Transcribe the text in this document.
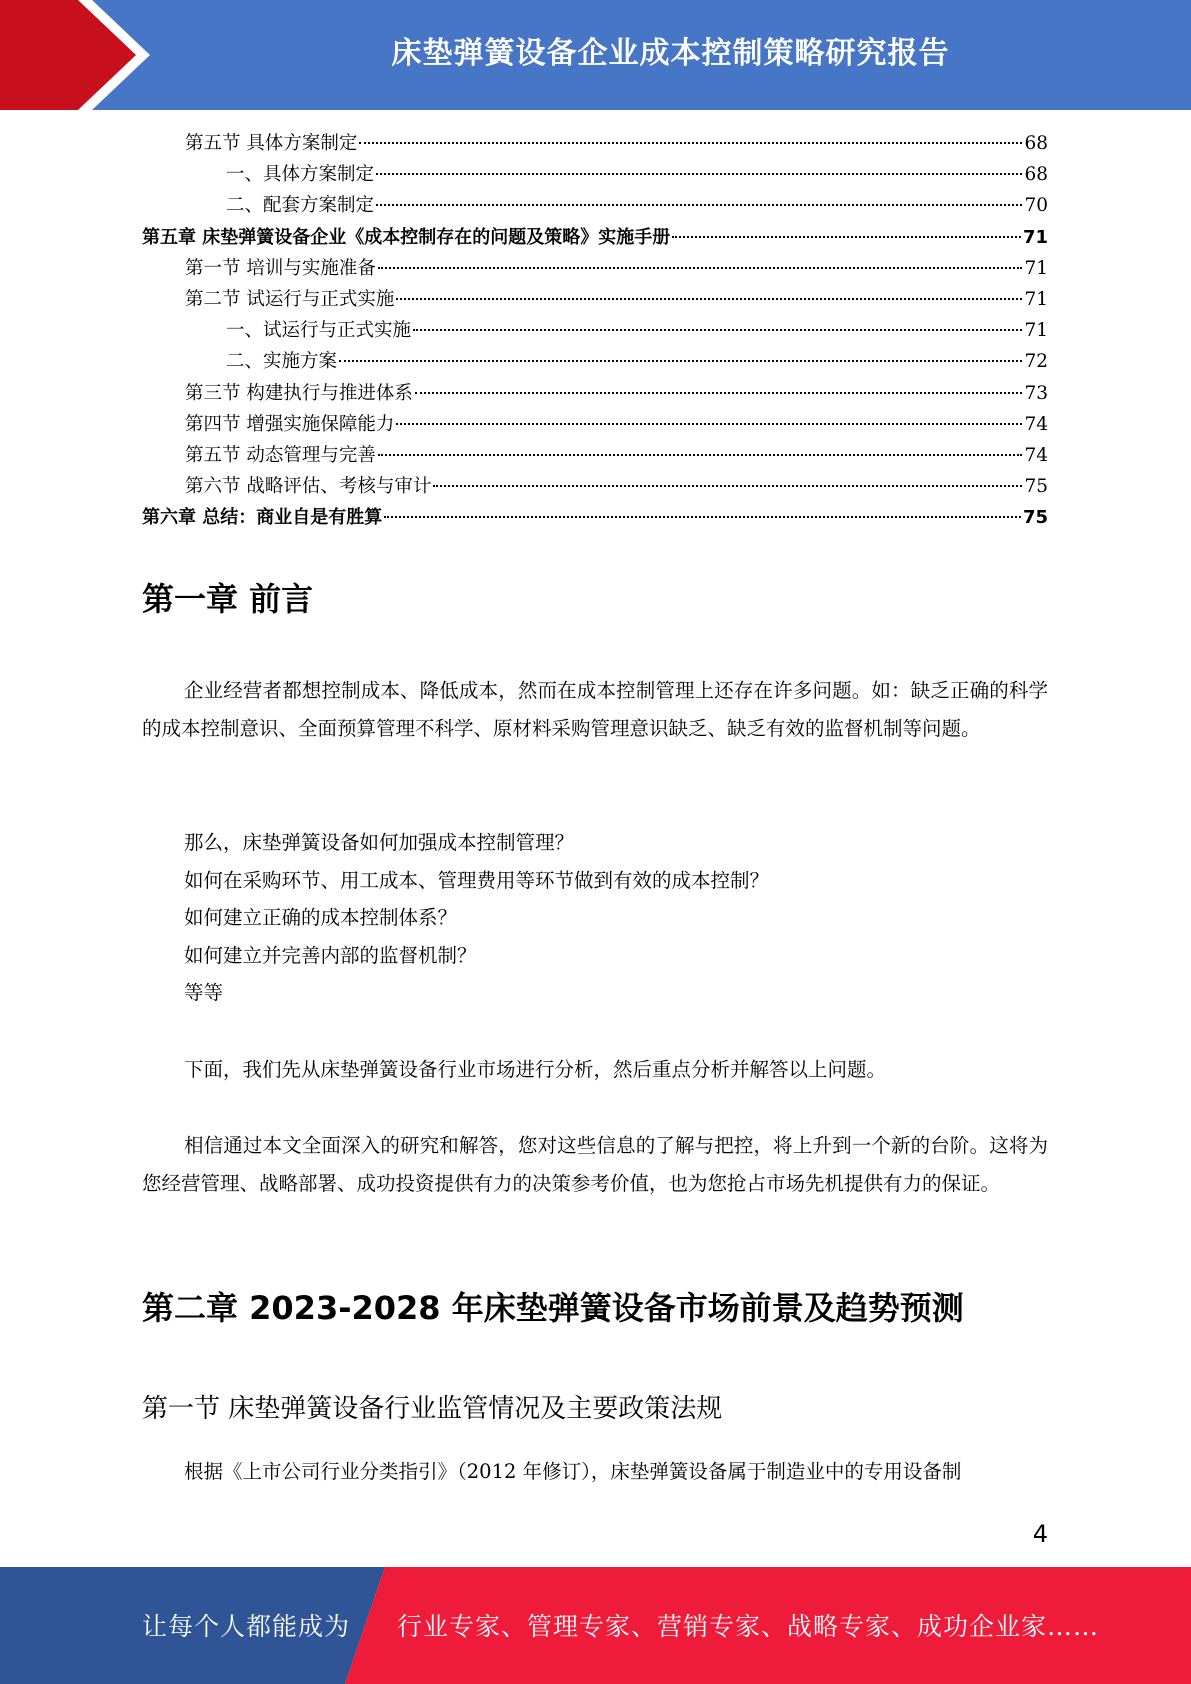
床垫弹簧设备企业成本控制策略研究报告
第五节 具体方案制定	68
一、具体方案制定	68
二、配套方案制定	70
第五章 床垫弹簧设备企业《成本控制存在的问题及策略》实施手册	71
第一节 培训与实施准备	71
第二节 试运行与正式实施	71
一、试运行与正式实施	71
二、实施方案	72
第三节 构建执行与推进体系	73
第四节 增强实施保障能力	74
第五节 动态管理与完善	74
第六节 战略评估、考核与审计	75
第六章 总结：商业自是有胜算	75
第一章 前言

企业经营者都想控制成本、降低成本，然而在成本控制管理上还存在许多问题。如：缺乏正确的科学的成本控制意识、全面预算管理不科学、原材料采购管理意识缺乏、缺乏有效的监督机制等问题。

那么，床垫弹簧设备如何加强成本控制管理？
如何在采购环节、用工成本、管理费用等环节做到有效的成本控制？
如何建立正确的成本控制体系？
如何建立并完善内部的监督机制？
等等

下面，我们先从床垫弹簧设备行业市场进行分析，然后重点分析并解答以上问题。

相信通过本文全面深入的研究和解答，您对这些信息的了解与把控，将上升到一个新的台阶。这将为您经营管理、战略部署、成功投资提供有力的决策参考价值，也为您抢占市场先机提供有力的保证。

第二章 2023-2028 年床垫弹簧设备市场前景及趋势预测
第一节 床垫弹簧设备行业监管情况及主要政策法规

根据《上市公司行业分类指引》（2012 年修订），床垫弹簧设备属于制造业中的专用设备制

4
让每个人都能成为 行业专家、管理专家、营销专家、战略专家、成功企业家……
